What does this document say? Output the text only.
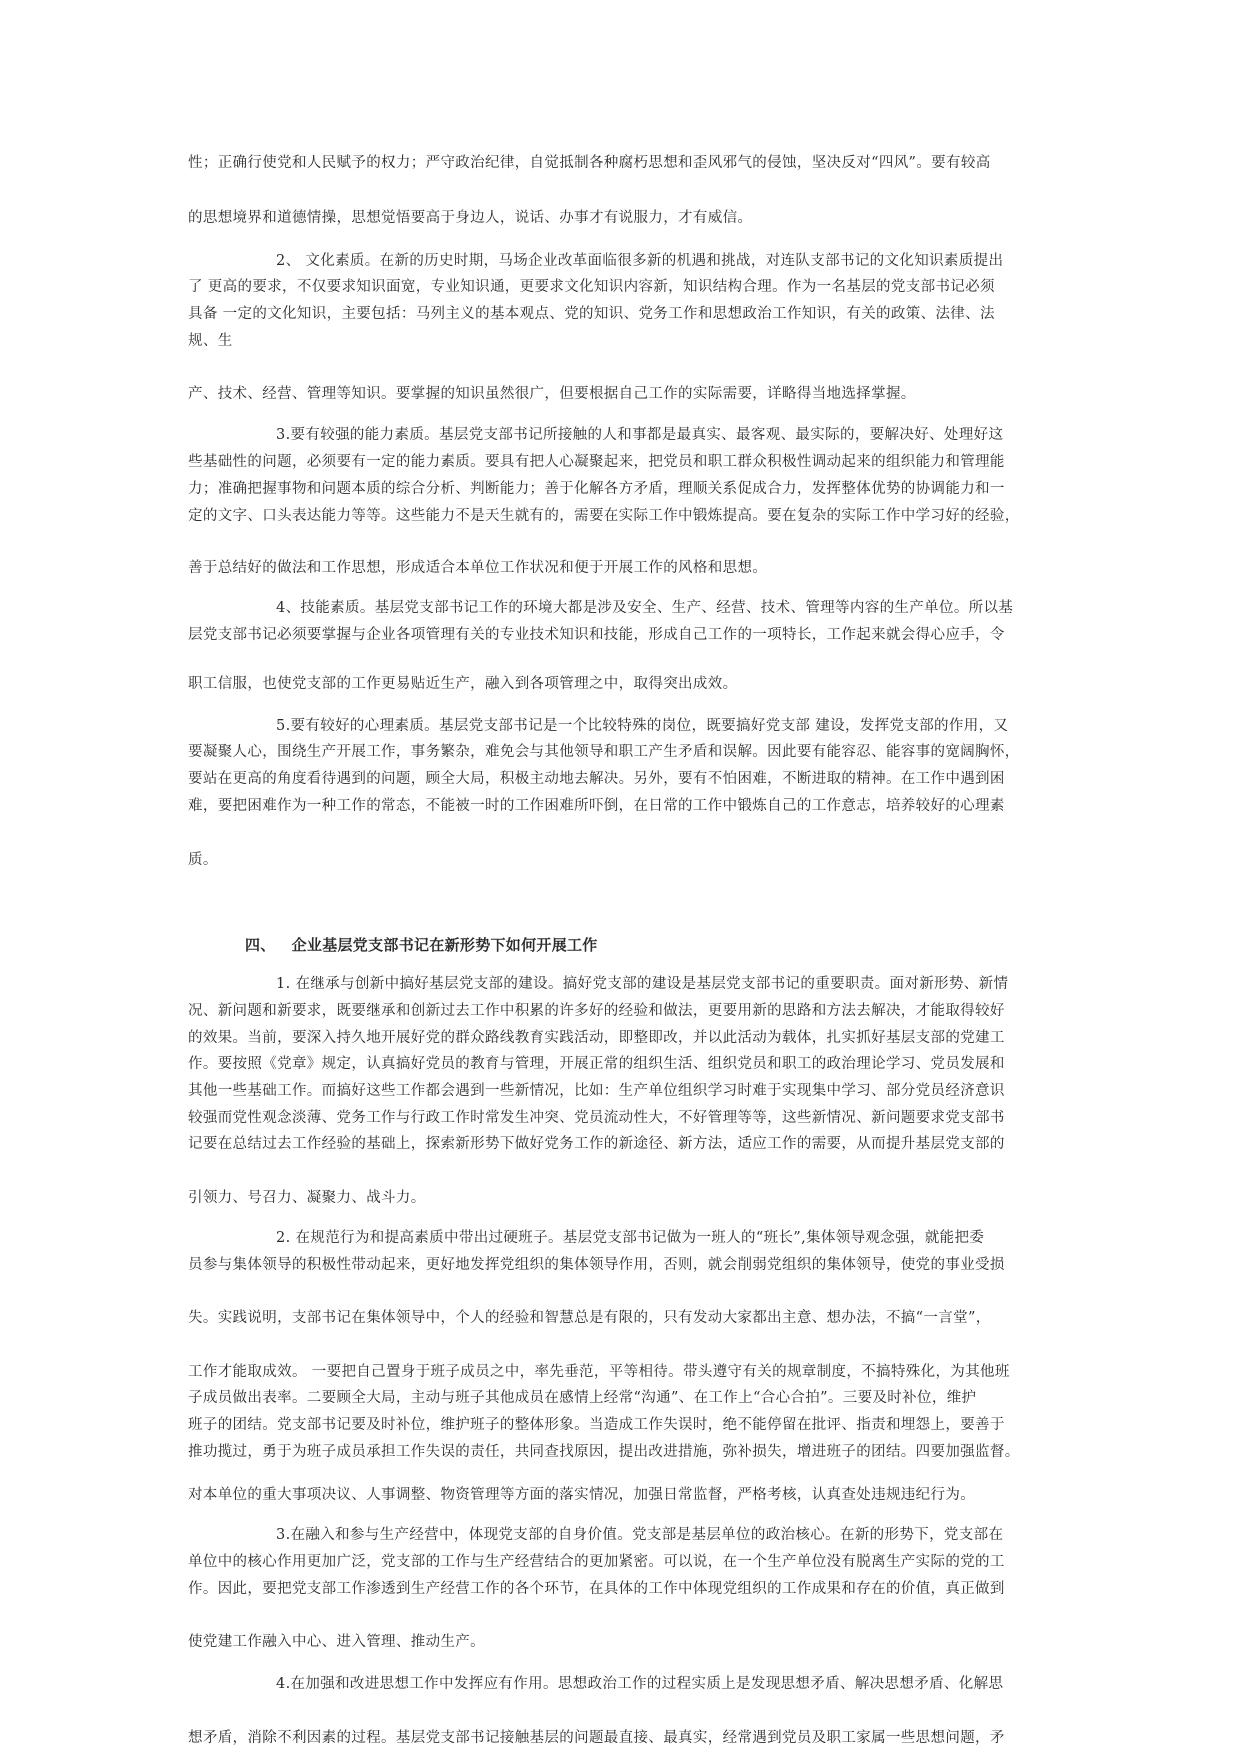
性；正确行使党和人民赋予的权力；严守政治纪律，自觉抵制各种腐朽思想和歪风邪气的侵蚀，坚决反对“四风”。要有较高
的思想境界和道德情操，思想觉悟要高于身边人，说话、办事才有说服力，才有威信。
2、 文化素质。在新的历史时期，马场企业改革面临很多新的机遇和挑战，对连队支部书记的文化知识素质提出
了 更高的要求，不仅要求知识面宽，专业知识通，更要求文化知识内容新，知识结构合理。作为一名基层的党支部书记必须
具备 一定的文化知识，主要包括：马列主义的基本观点、党的知识、党务工作和思想政治工作知识，有关的政策、法律、法
规、生
产、技术、经营、管理等知识。要掌握的知识虽然很广，但要根据自己工作的实际需要，详略得当地选择掌握。
3.要有较强的能力素质。基层党支部书记所接触的人和事都是最真实、最客观、最实际的，要解决好、处理好这
些基础性的问题，必须要有一定的能力素质。要具有把人心凝聚起来，把党员和职工群众积极性调动起来的组织能力和管理能
力；准确把握事物和问题本质的综合分析、判断能力；善于化解各方矛盾，理顺关系促成合力，发挥整体优势的协调能力和一
定的文字、口头表达能力等等。这些能力不是天生就有的，需要在实际工作中锻炼提高。要在复杂的实际工作中学习好的经验，
善于总结好的做法和工作思想，形成适合本单位工作状况和便于开展工作的风格和思想。
4、技能素质。基层党支部书记工作的环境大都是涉及安全、生产、经营、技术、管理等内容的生产单位。所以基
层党支部书记必须要掌握与企业各项管理有关的专业技术知识和技能，形成自己工作的一项特长，工作起来就会得心应手，令
职工信服，也使党支部的工作更易贴近生产，融入到各项管理之中，取得突出成效。
5.要有较好的心理素质。基层党支部书记是一个比较特殊的岗位，既要搞好党支部 建设，发挥党支部的作用，又
要凝聚人心，围绕生产开展工作，事务繁杂，难免会与其他领导和职工产生矛盾和误解。因此要有能容忍、能容事的宽阔胸怀，
要站在更高的角度看待遇到的问题，顾全大局，积极主动地去解决。另外，要有不怕困难，不断进取的精神。在工作中遇到困
难，要把困难作为一种工作的常态，不能被一时的工作困难所吓倒，在日常的工作中锻炼自己的工作意志，培养较好的心理素
质。
四、 企业基层党支部书记在新形势下如何开展工作
1. 在继承与创新中搞好基层党支部的建设。搞好党支部的建设是基层党支部书记的重要职责。面对新形势、新情
况、新问题和新要求，既要继承和创新过去工作中积累的许多好的经验和做法，更要用新的思路和方法去解决，才能取得较好
的效果。当前，要深入持久地开展好党的群众路线教育实践活动，即整即改，并以此活动为载体，扎实抓好基层支部的党建工
作。要按照《党章》规定，认真搞好党员的教育与管理，开展正常的组织生活、组织党员和职工的政治理论学习、党员发展和
其他一些基础工作。而搞好这些工作都会遇到一些新情况，比如：生产单位组织学习时难于实现集中学习、部分党员经济意识
较强而党性观念淡薄、党务工作与行政工作时常发生冲突、党员流动性大，不好管理等等，这些新情况、新问题要求党支部书
记要在总结过去工作经验的基础上，探索新形势下做好党务工作的新途径、新方法，适应工作的需要，从而提升基层党支部的
引领力、号召力、凝聚力、战斗力。
2. 在规范行为和提高素质中带出过硬班子。基层党支部书记做为一班人的“班长”,集体领导观念强，就能把委
员参与集体领导的积极性带动起来，更好地发挥党组织的集体领导作用，否则，就会削弱党组织的集体领导，使党的事业受损
失。实践说明，支部书记在集体领导中，个人的经验和智慧总是有限的，只有发动大家都出主意、想办法，不搞“一言堂”，
工作才能取成效。 一要把自己置身于班子成员之中，率先垂范，平等相待。带头遵守有关的规章制度，不搞特殊化，为其他班
子成员做出表率。二要顾全大局，主动与班子其他成员在感情上经常“沟通”、在工作上“合心合拍”。三要及时补位，维护
班子的团结。党支部书记要及时补位，维护班子的整体形象。当造成工作失误时，绝不能停留在批评、指责和埋怨上，要善于
推功揽过，勇于为班子成员承担工作失误的责任，共同查找原因，提出改进措施，弥补损失，增进班子的团结。四要加强监督。
对本单位的重大事项决议、人事调整、物资管理等方面的落实情况，加强日常监督，严格考核，认真查处违规违纪行为。
3.在融入和参与生产经营中，体现党支部的自身价值。党支部是基层单位的政治核心。在新的形势下，党支部在
单位中的核心作用更加广泛，党支部的工作与生产经营结合的更加紧密。可以说，在一个生产单位没有脱离生产实际的党的工
作。因此，要把党支部工作渗透到生产经营工作的各个环节，在具体的工作中体现党组织的工作成果和存在的价值，真正做到
使党建工作融入中心、进入管理、推动生产。
4.在加强和改进思想工作中发挥应有作用。思想政治工作的过程实质上是发现思想矛盾、解决思想矛盾、化解思
想矛盾，消除不利因素的过程。基层党支部书记接触基层的问题最直接、最真实，经常遇到党员及职工家属一些思想问题，矛
